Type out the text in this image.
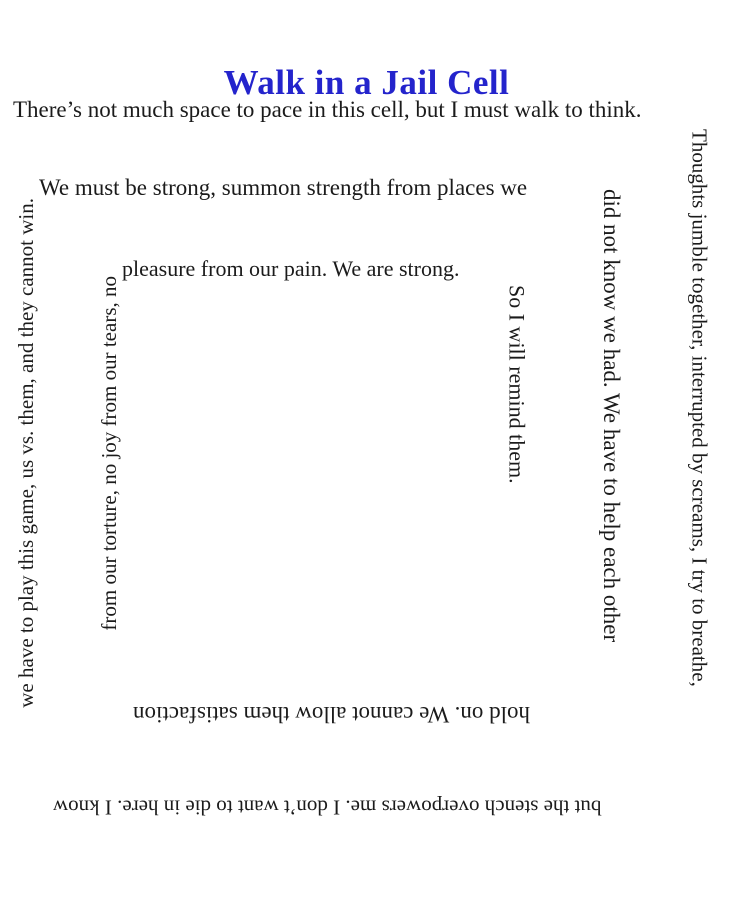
Walk in a Jail Cell
There’s not much space to pace in this cell, but I must walk to think.
Thoughts jumble together, interrupted by screams, I try to breathe,
but the stench overpowers me. I don’t want to die in here. I know
we have to play this game, us vs. them, and they cannot win.
We must be strong, summon strength from places we
did not know we had. We have to help each other
hold on. We cannot allow them satisfaction
from our torture, no joy from our tears, no
pleasure from our pain. We are strong.
So I will remind them.
